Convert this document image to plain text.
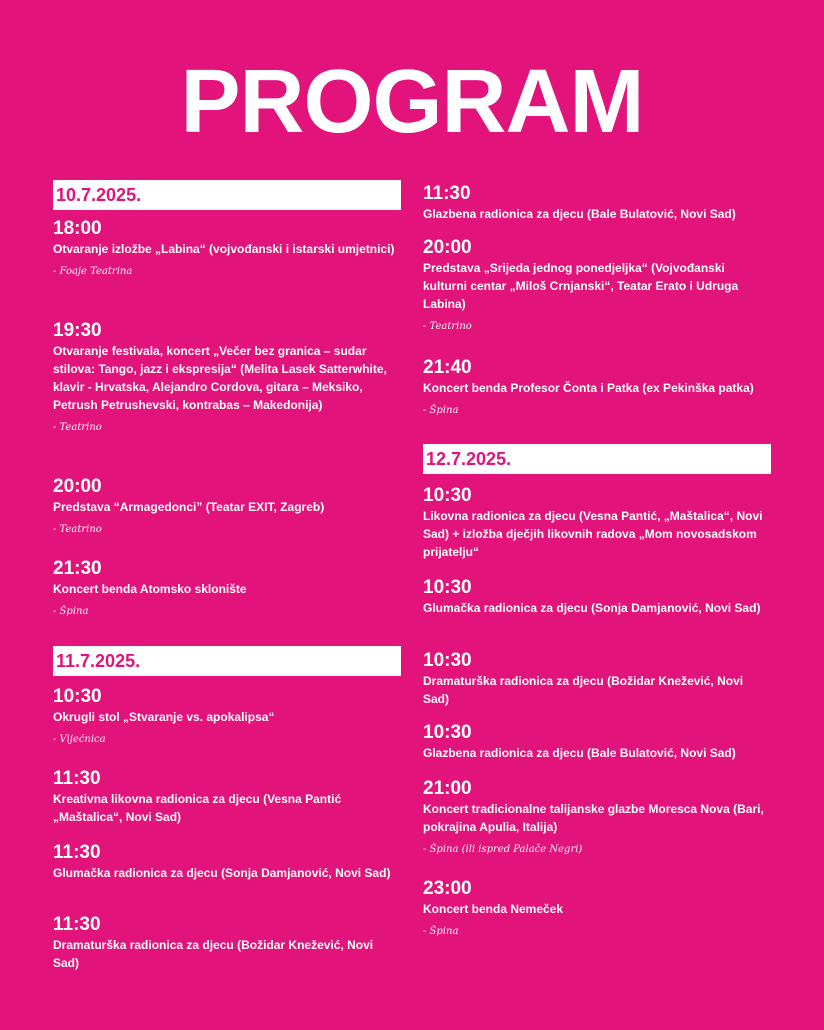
PROGRAM
10.7.2025.
18:00
Otvaranje izložbe „Labina“ (vojvođanski i istarski umjetnici)
- Foaje Teatrina
19:30
Otvaranje festivala, koncert „Večer bez granica – sudar stilova: Tango, jazz i ekspresija“ (Melita Lasek Satterwhite, klavir - Hrvatska, Alejandro Cordova, gitara – Meksiko, Petrush Petrushevski, kontrabas – Makedonija)
- Teatrino
20:00
Predstava “Armagedonci” (Teatar EXIT, Zagreb)
- Teatrino
21:30
Koncert benda Atomsko sklonište
- Špina
11.7.2025.
10:30
Okrugli stol „Stvaranje vs. apokalipsa“
- Vijećnica
11:30
Kreativna likovna radionica za djecu (Vesna Pantić „Maštalica“, Novi Sad)
11:30
Glumačka radionica za djecu (Sonja Damjanović, Novi Sad)
11:30
Dramaturška radionica za djecu (Božidar Knežević, Novi Sad)
11:30
Glazbena radionica za djecu (Bale Bulatović, Novi Sad)
20:00
Predstava „Srijeda jednog ponedjeljka“ (Vojvođanski kulturni centar „Miloš Crnjanski“, Teatar Erato i Udruga Labina)
- Teatrino
21:40
Koncert benda Profesor Čonta i Patka (ex Pekinška patka)
- Špina
12.7.2025.
10:30
Likovna radionica za djecu (Vesna Pantić, „Maštalica“, Novi Sad) + izložba dječjih likovnih radova „Mom novosadskom prijatelju“
10:30
Glumačka radionica za djecu (Sonja Damjanović, Novi Sad)
10:30
Dramaturška radionica za djecu (Božidar Knežević, Novi Sad)
10:30
Glazbena radionica za djecu (Bale Bulatović, Novi Sad)
21:00
Koncert tradicionalne talijanske glazbe Moresca Nova (Bari, pokrajina Apulia, Italija)
- Špina (ili ispred Palače Negri)
23:00
Koncert benda Nemeček
- Špina
